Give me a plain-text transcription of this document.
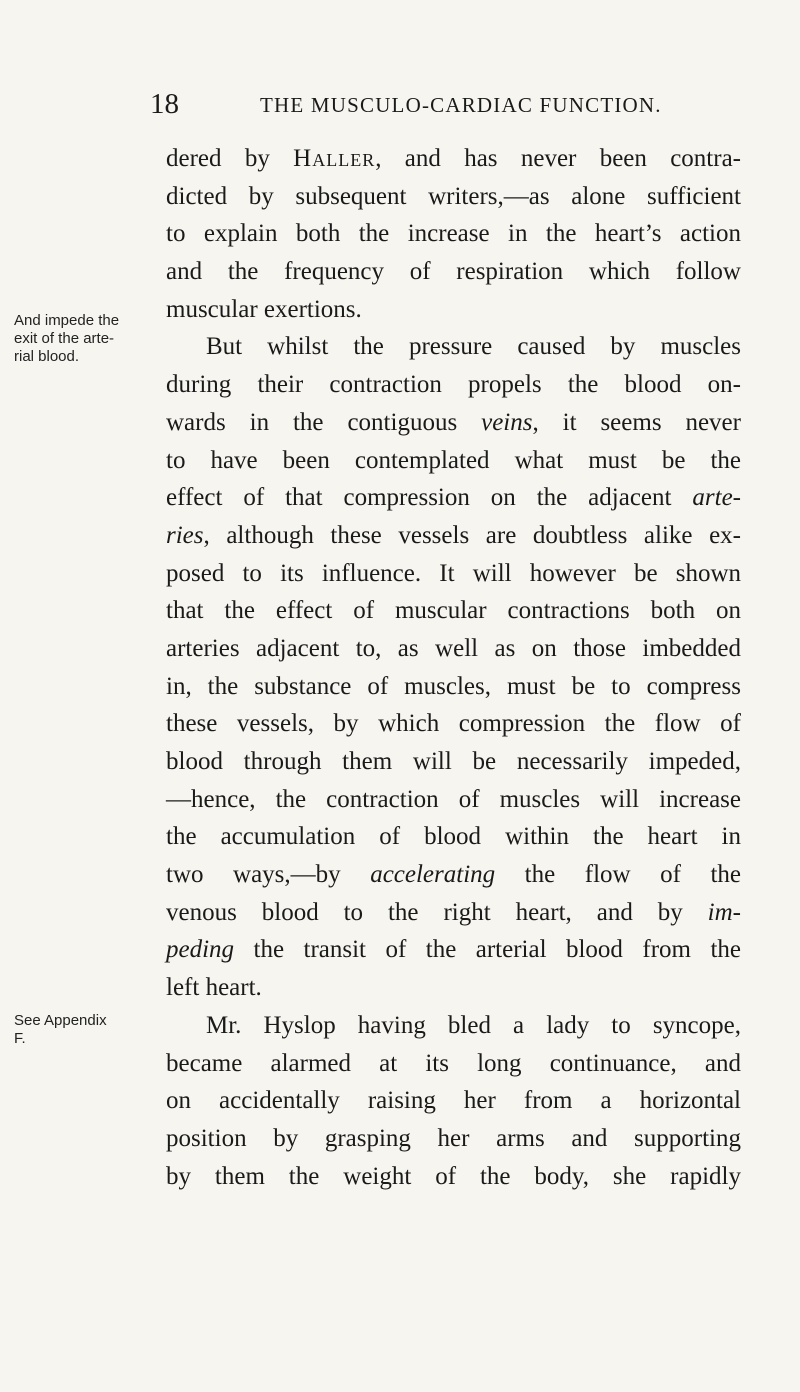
18	THE MUSCULO-CARDIAC FUNCTION.
And impede the
exit of the arte-
rial blood.
See Appendix
F.
dered by Haller, and has never been contra-
dicted by subsequent writers,—as alone sufficient
to explain both the increase in the heart’s action
and the frequency of respiration which follow
muscular exertions.
But whilst the pressure caused by muscles
during their contraction propels the blood on-
wards in the contiguous veins, it seems never
to have been contemplated what must be the
effect of that compression on the adjacent arte-
ries, although these vessels are doubtless alike ex-
posed to its influence. It will however be shown
that the effect of muscular contractions both on
arteries adjacent to, as well as on those imbedded
in, the substance of muscles, must be to compress
these vessels, by which compression the flow of
blood through them will be necessarily impeded,
—hence, the contraction of muscles will increase
the accumulation of blood within the heart in
two ways,—by accelerating the flow of the
venous blood to the right heart, and by im-
peding the transit of the arterial blood from the
left heart.
Mr. Hyslop having bled a lady to syncope,
became alarmed at its long continuance, and
on accidentally raising her from a horizontal
position by grasping her arms and supporting
by them the weight of the body, she rapidly
